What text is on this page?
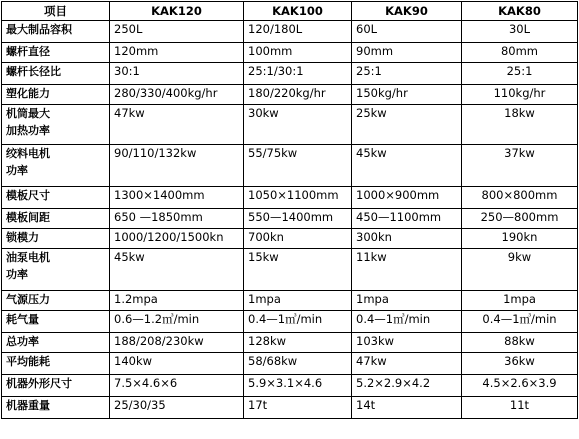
项目	KAK120	KAK100	KAK90	KAK80
最大制品容积	250L	120/180L	60L	30L
螺杆直径	120mm	100mm	90mm	80mm
螺杆长径比	30:1	25:1/30:1	25:1	25:1
塑化能力	280/330/400kg/hr	180/220kg/hr	150kg/hr	110kg/hr
机筒最大
加热功率	47kw	30kw	25kw	18kw
绞料电机
功率	90/110/132kw	55/75kw	45kw	37kw
模板尺寸	1300×1400mm	1050×1100mm	1000×900mm	800×800mm
模板间距	650 —1850mm	550—1400mm	450—1100mm	250—800mm
锁模力	1000/1200/1500kn	700kn	300kn	190kn
油泵电机
功率	45kw	15kw	11kw	9kw
气源压力	1.2mpa	1mpa	1mpa	1mpa
耗气量	0.6—1.2㎥/min	0.4—1㎥/min	0.4—1㎥/min	0.4—1㎥/min
总功率	188/208/230kw	128kw	103kw	88kw
平均能耗	140kw	58/68kw	47kw	36kw
机器外形尺寸	7.5×4.6×6	5.9×3.1×4.6	5.2×2.9×4.2	4.5×2.6×3.9
机器重量	25/30/35	17t	14t	11t
